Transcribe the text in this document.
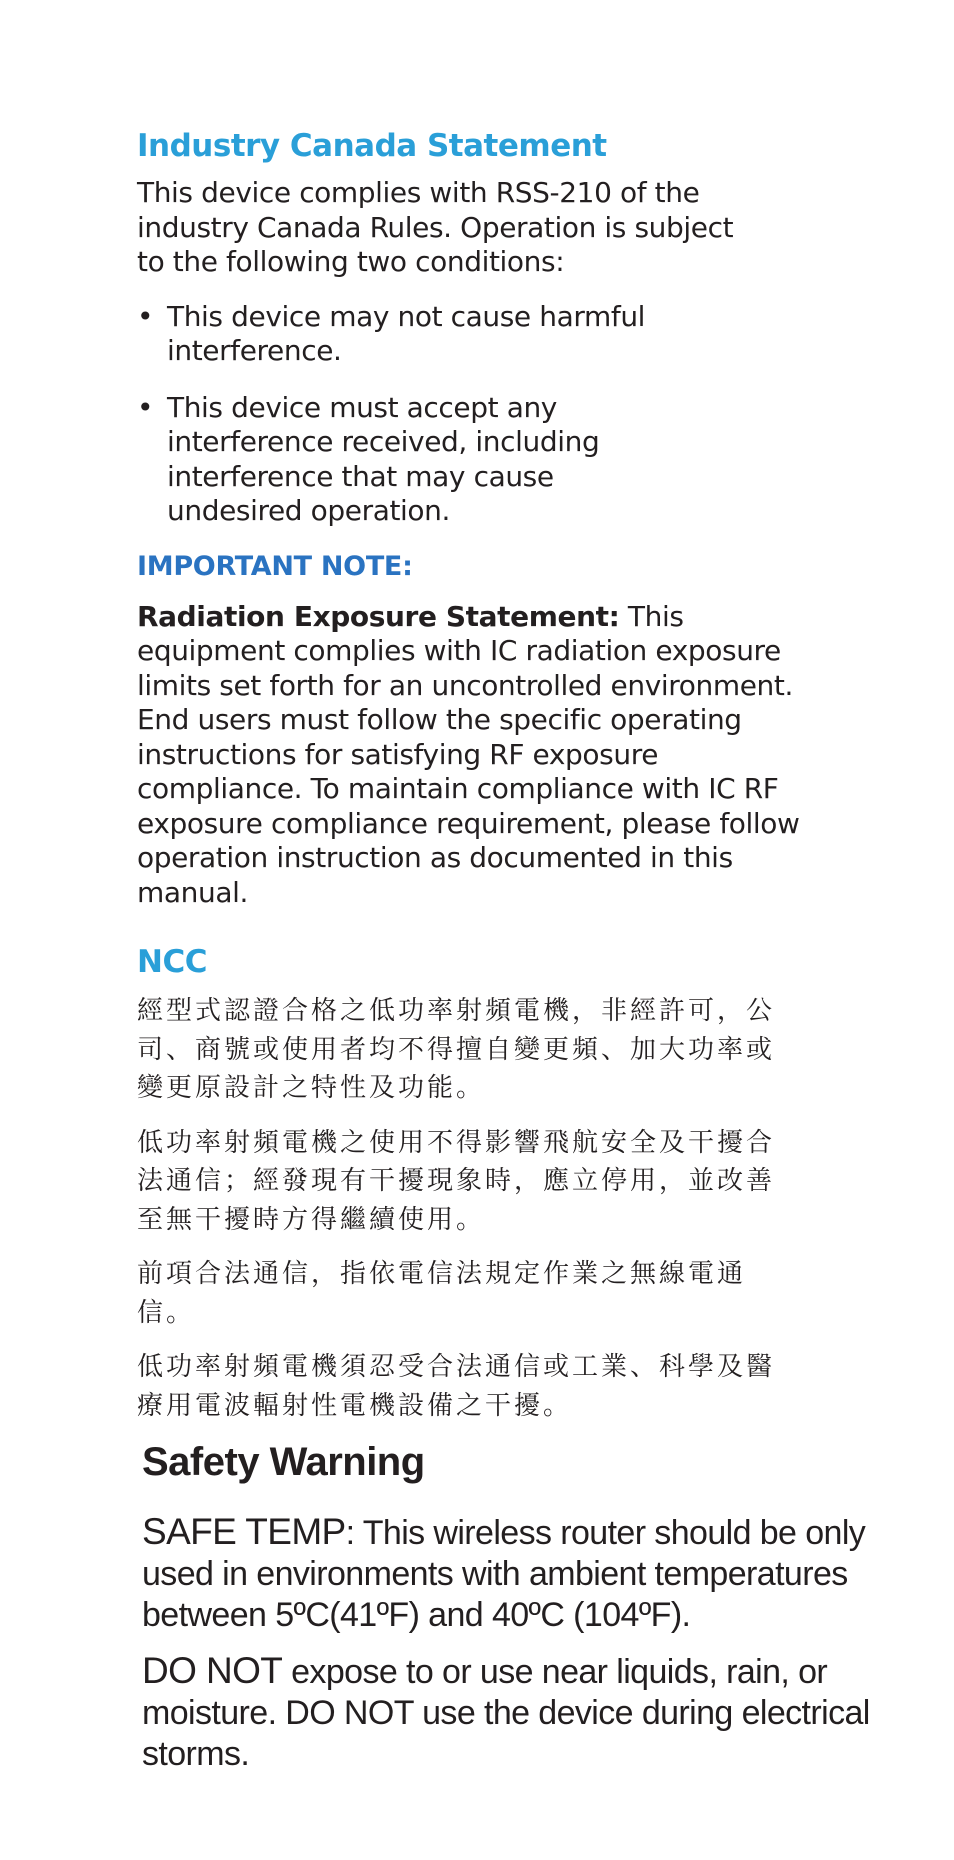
Industry Canada Statement

This device complies with RSS-210 of the industry Canada Rules. Operation is subject to the following two conditions:

• This device may not cause harmful interference.
• This device must accept any interference received, including interference that may cause undesired operation.
IMPORTANT NOTE:

Radiation Exposure Statement: This equipment complies with IC radiation exposure limits set forth for an uncontrolled environment. End users must follow the specific operating instructions for satisfying RF exposure compliance. To maintain compliance with IC RF exposure compliance requirement, please follow operation instruction as documented in this manual.

NCC

經型式認證合格之低功率射頻電機，非經許可，公司、商號或使用者均不得擅自變更頻、加大功率或變更原設計之特性及功能。

低功率射頻電機之使用不得影響飛航安全及干擾合法通信；經發現有干擾現象時，應立停用，並改善至無干擾時方得繼續使用。

前項合法通信，指依電信法規定作業之無線電通信。

低功率射頻電機須忍受合法通信或工業、科學及醫療用電波輻射性電機設備之干擾。

Safety Warning

SAFE TEMP: This wireless router should be only used in environments with ambient temperatures between 5ºC(41ºF) and 40ºC (104ºF).

DO NOT expose to or use near liquids, rain, or moisture. DO NOT use the device during electrical storms.
